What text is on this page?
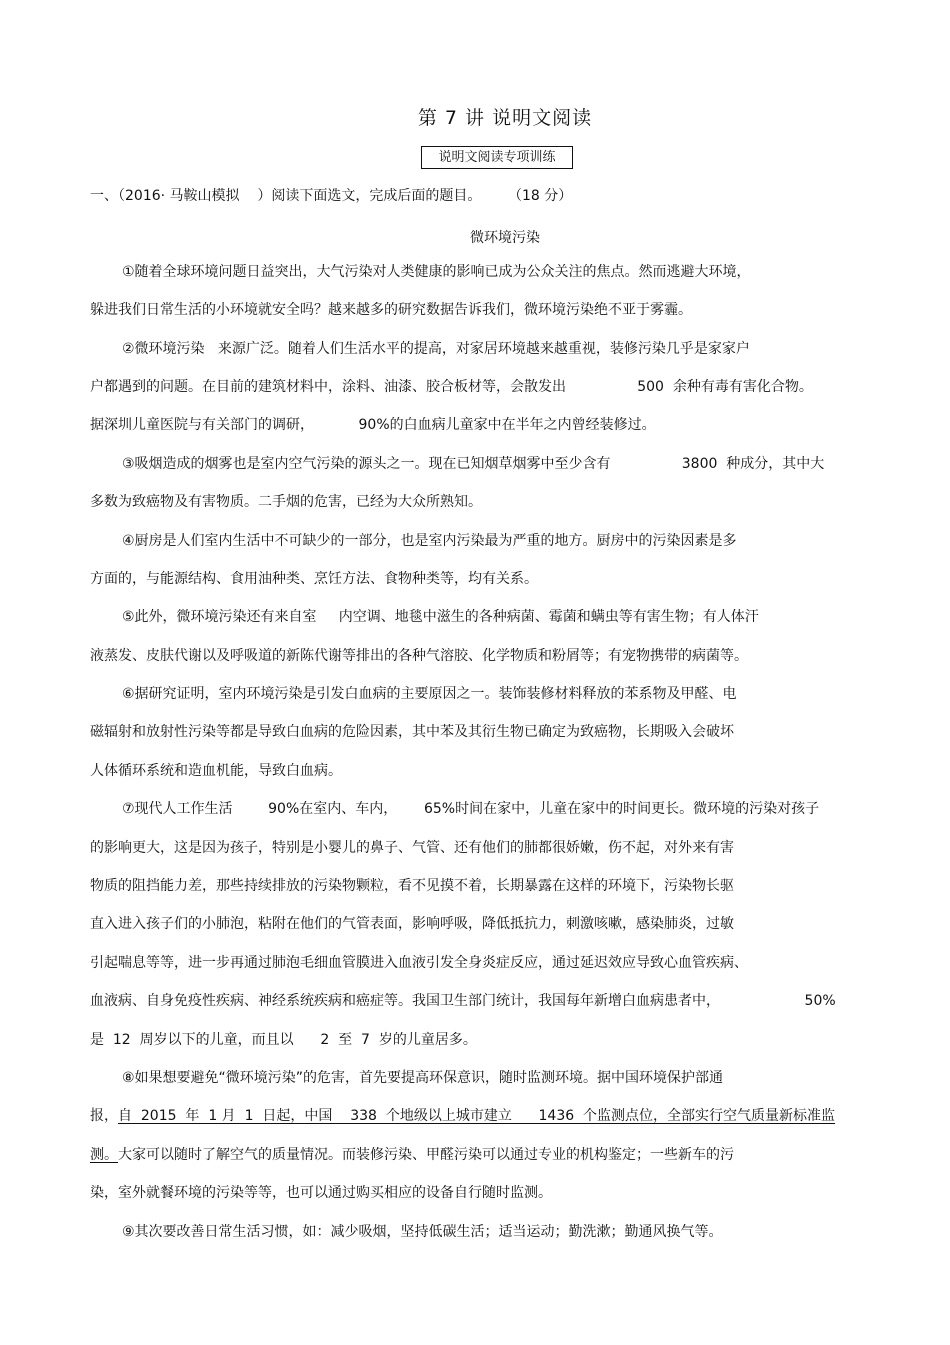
第 7 讲 说明文阅读
说明文阅读专项训练
一、（2016· 马鞍山模拟    ）阅读下面选文，完成后面的题目。      （18 分）
微环境污染
①随着全球环境问题日益突出，大气污染对人类健康的影响已成为公众关注的焦点。然而逃避大环境，
躲进我们日常生活的小环境就安全吗？越来越多的研究数据告诉我们，微环境污染绝不亚于雾霾。
②微环境污染   来源广泛。随着人们生活水平的提高，对家居环境越来越重视，装修污染几乎是家家户
户都遇到的问题。在目前的建筑材料中，涂料、油漆、胶合板材等，会散发出                500  余种有毒有害化合物。
据深圳儿童医院与有关部门的调研，          90%的白血病儿童家中在半年之内曾经装修过。
③吸烟造成的烟雾也是室内空气污染的源头之一。现在已知烟草烟雾中至少含有                3800  种成分，其中大
多数为致癌物及有害物质。二手烟的危害，已经为大众所熟知。
④厨房是人们室内生活中不可缺少的一部分，也是室内污染最为严重的地方。厨房中的污染因素是多
方面的，与能源结构、食用油种类、烹饪方法、食物种类等，均有关系。
⑤此外，微环境污染还有来自室     内空调、地毯中滋生的各种病菌、霉菌和螨虫等有害生物；有人体汗
液蒸发、皮肤代谢以及呼吸道的新陈代谢等排出的各种气溶胶、化学物质和粉屑等；有宠物携带的病菌等。
⑥据研究证明，室内环境污染是引发白血病的主要原因之一。装饰装修材料释放的苯系物及甲醛、电
磁辐射和放射性污染等都是导致白血病的危险因素，其中苯及其衍生物已确定为致癌物，长期吸入会破坏
人体循环系统和造血机能，导致白血病。
⑦现代人工作生活        90%在室内、车内，      65%时间在家中，儿童在家中的时间更长。微环境的污染对孩子
的影响更大，这是因为孩子，特别是小婴儿的鼻子、气管、还有他们的肺都很娇嫩，伤不起，对外来有害
物质的阻挡能力差，那些持续排放的污染物颗粒，看不见摸不着，长期暴露在这样的环境下，污染物长驱
直入进入孩子们的小肺泡，粘附在他们的气管表面，影响呼吸，降低抵抗力，刺激咳嗽，感染肺炎，过敏
引起喘息等等，进一步再通过肺泡毛细血管膜进入血液引发全身炎症反应，通过延迟效应导致心血管疾病、
血液病、自身免疫性疾病、神经系统疾病和癌症等。我国卫生部门统计，我国每年新增白血病患者中，                   50%
是  12  周岁以下的儿童，而且以      2  至  7  岁的儿童居多。
⑧如果想要避免“微环境污染”的危害，首先要提高环保意识，随时监测环境。据中国环境保护部通
报，自  2015  年  1 月  1  日起，中国    338  个地级以上城市建立      1436  个监测点位，全部实行空气质量新标准监
测。大家可以随时了解空气的质量情况。而装修污染、甲醛污染可以通过专业的机构鉴定；一些新车的污
染，室外就餐环境的污染等等，也可以通过购买相应的设备自行随时监测。
⑨其次要改善日常生活习惯，如：减少吸烟，坚持低碳生活；适当运动；勤洗漱；勤通风换气等。
